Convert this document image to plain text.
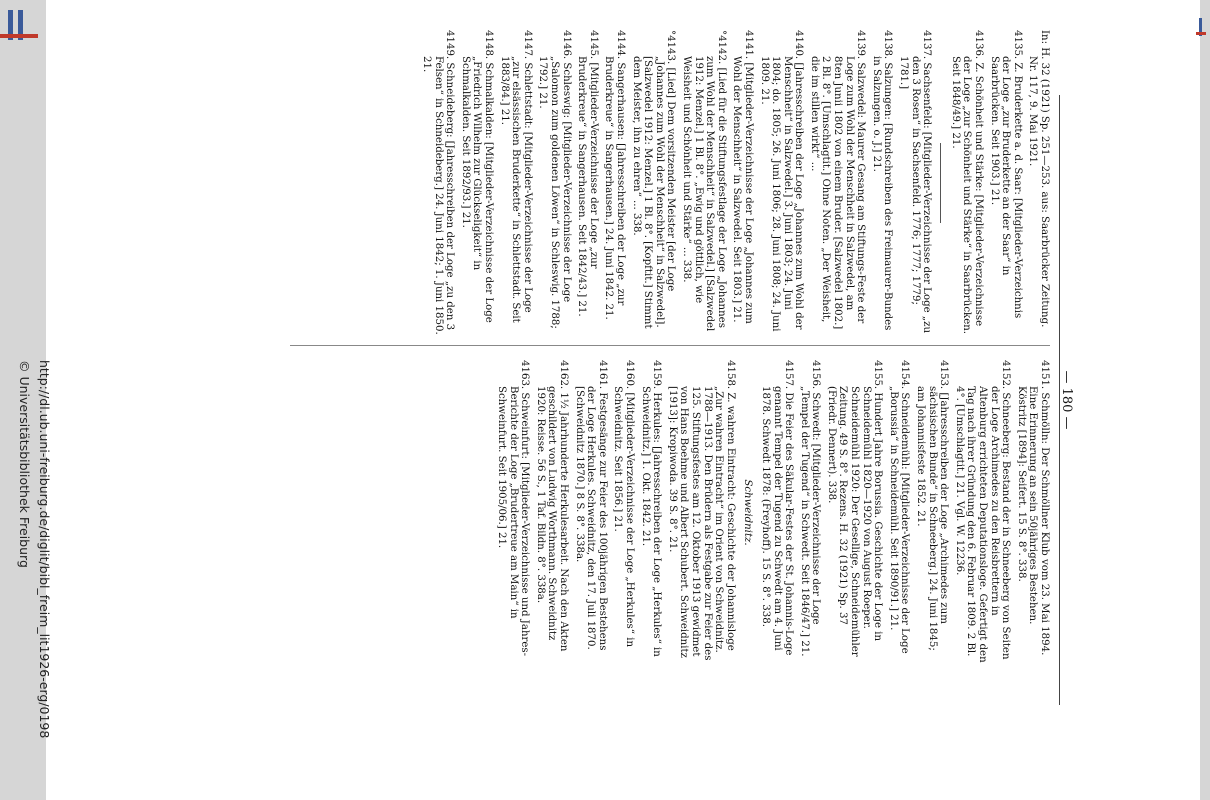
http://dl.ub.uni-freiburg.de/diglit/bibl_freim_lit1926-erg/0198
© Universitätsbibliothek Freiburg	— 180 —
In: H. 32 (1921) Sp. 251—253. aus: Saarbrücker Zeitung. Nr. 117, 9. Mai 1921.
4135. Z. Bruderkette a. d. Saar: [Mitglieder-Verzeichnis der Loge „zur Bruderkette an der Saar“ in Saarbrücken. Seit 1903.] 21.
4136. Z. Schönheit und Stärke: [Mitglieder-Verzeichnisse der Loge „zur Schönheit und Stärke“ in Saarbrücken. Seit 1848/49.] 21.
4137. Sachsenfeld: [Mitglieder-Verzeichnisse der Loge „zu den 3 Rosen“ in Sachsenfeld. 1776; 1777; 1779; 1781.]
4138. Salzungen: [Rundschreiben des Freimaurer-Bundes in Salzungen. o. J.] 21.
4139. Salzwedel: Maurer Gesang am Stiftungs-Feste der Loge zum Wohl der Menschheit in Salzwedel, am 8ten Junii 1802 von einem Bruder. [Salzwedel 1802.] 2 Bl. 8°. [Umschlagtit.] Ohne Noten. „Der Weisheit, die im stillen wirkt“ ...
4140. [Jahresschreiben der Loge „Johannes zum Wohl der Menschheit“ in Salzwedel.] 3. Juni 1803; 24. Juni 1804; do. 1805; 26. Juni 1806; 28. Juni 1808; 24. Juni 1809. 21.
4141. [Mitglieder-Verzeichnisse der Loge „Johannes zum Wohl der Menschheit“ in Salzwedel. Seit 1803.] 21.
°4142. [Lied für die Stiftungsfestlage der Loge „Johannes zum Wohl der Menschheit“ in Salzwedel.] [Salzwedel 1912: Menzel.] 1 Bl. 8°. „Ewig und göttlich, wie Weisheit und Schönheit und Stärke“ ... 338.
°4143. [Lied] Dem vorsitzenden Meister [der Loge „Johannes zum Wohl der Menschheit“ in Salzwedel]. [Salzwedel 1912: Menzel.] 1 Bl. 8°. [Kopftit.] Stimmt dem Meister, ihn zu ehren“ ... 338.
4144. Sangerhausen: [Jahresschreiben der Loge „zur Bruderkreue“ in Sangerhausen.] 24. Juni 1842. 21.
4145. [Mitglieder-Verzeichnisse der Loge „zur Bruderkreue“ in Sangerhausen. Seit 1842/43.] 21.
4146. Schleswig: [Mitglieder-Verzeichnisse der Loge „Salomon zum goldenen Löwen“ in Schleswig. 1788; 1792.] 21.
4147. Schlettstadt: [Mitglieder-Verzeichnisse der Loge „zur elsässischen Bruderkette“ in Schlettstadt. Seit 1883/84.] 21.
4148. Schmalkalden: [Mitglieder-Verzeichnisse der Loge „Friedrich Wilhelm zur Glückseligkeit“ in Schmalkalden. Seit 1892/93.] 21.
4149. Schneideberg: [Jahresschreiben der Loge „zu den 3 Felsen“ in Schneideberg.] 24. Juni 1842; 1. Juni 1850. 21.
4151. Schmölln: Der Schmöllner Klub vom 23. Mai 1894. Eine Erinnerung an sein 50jähriges Bestehen. Köstritz [1894]: Seifert. 15 S. 8°. 338.
4152. Schneeberg: Bestand der in Schneeberg von Seiten der Loge Archimedes zu den Reisbrettern in Altenburg errichteten Deputationsloge. Gefertigt den Tag nach ihrer Gründung den 6. Februar 1809. 2 Bl. 4°. [Umschlagtit.] 21. Vgl. W. 12236.
4153. [Jahresschreiben der Loge „Archimedes zum sächsischen Bunde“ in Schneeberg.] 24. Juni 1845; am Johannisfeste 1852. 21.
4154. Schneidemühl: [Mitglieder-Verzeichnisse der Loge „Borussia“ in Schneidemühl. Seit 1890/91.] 21.
4155. Hundert Jahre Borussia. Geschichte der Loge in Schneidemühl 1820—1920 von August Roeper. Schneidemühl 1920: Der Gesellige, Schneidemühler Zeitung. 49 S. 8°. Rezens. H. 32 (1921) Sp. 37 (Friedr. Dennert). 338.
4156. Schwedt: [Mitglieder-Verzeichnisse der Loge „Tempel der Tugend“ in Schwedt. Seit 1846/47.] 21.
4157. Die Feier des Säkular-Festes der St. Johannis-Loge genannt Tempel der Tugend zu Schwedt am 4. Juni 1878. Schwedt 1878: (Freyhoff). 15 S. 8°. 338.
Schweidnitz.
4158. Z. wahren Eintracht: Geschichte der Johannisloge „Zur wahren Eintracht“ im Orient von Schweidnitz. 1788—1913. Den Brüdern als Festgabe zur Feier des 125. Stiftungsfestes am 12. Oktober 1913 gewidmet von Hans Boehme und Albert Schubert. Schweidnitz [1913]: Kropiwoda. 39 S. 8°. 21.
4159. Herkules: [Jahresschreiben der Loge „Herkules“ in Schweidnitz.] 1. Okt. 1842. 21.
4160. [Mitglieder-Verzeichnisse der Loge „Herkules“ in Schweidnitz. Seit 1856.] 21.
4161. Festgesänge zur Feier des 100jährigen Bestehens der Loge Herkules. Schweidnitz, den 17. Juli 1870. [Schweidnitz 1870.] 8 S. 8°. 338a.
4162. 1½ Jahrhunderte Herkulesarbeit. Nach den Akten geschildert von Ludwig Worthmann. Schweidnitz 1920: Reisse. 56 S., 1 Taf. Bildn. 8°. 338a.
4163. Schweinfurt: [Mitglieder-Verzeichnisse und Jahres-Berichte der Loge „Brudertreue am Main“ in Schweinfurt. Seit 1905/06.] 21.
